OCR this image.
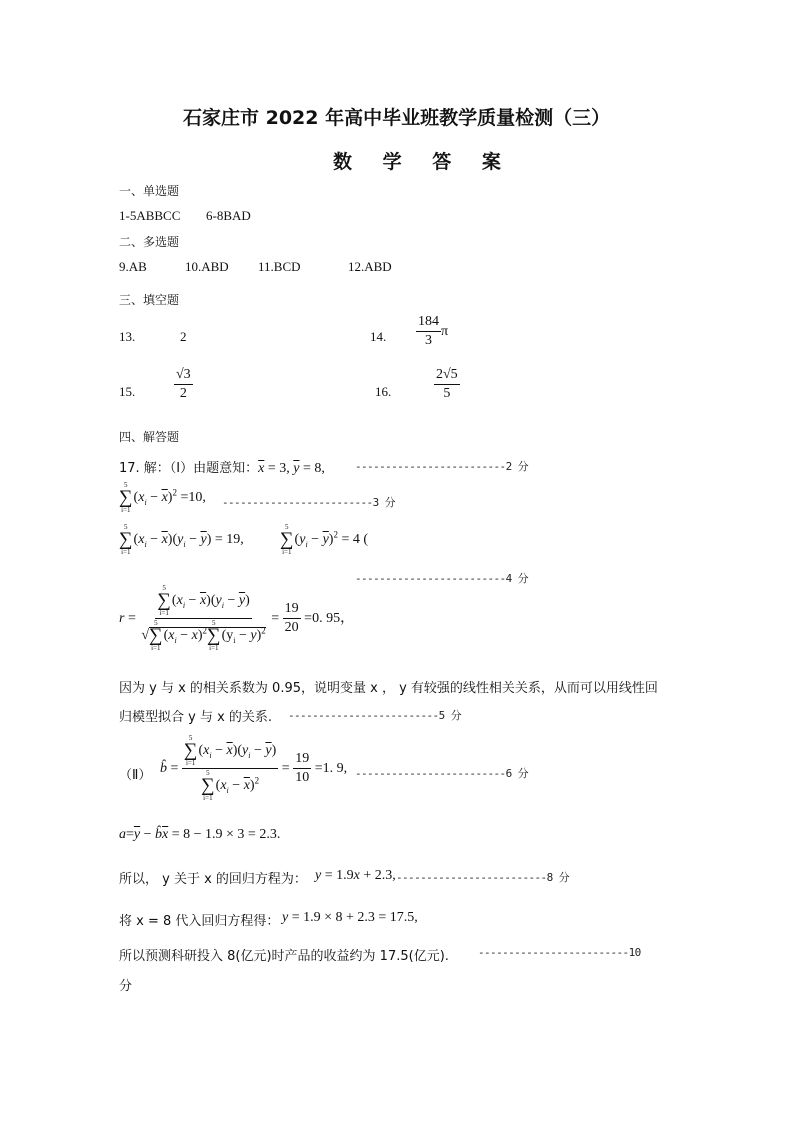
石家庄市 2022 年高中毕业班教学质量检测（三）
数 学 答 案
一、单选题
1-5ABBCC 6-8BAD
二、多选题
9.AB	10.ABD 11.BCD	12.ABD
三、填空题
13.	2	14. $\frac{184}{3}$ π
15.	$\frac{√3}{2}$	16.	$\frac{2√5}{5}$
四、解答题
17. 解：（Ⅰ）由题意知：$\overline{x} = 3$, $\overline{y} = 8$,	-------------------------2 分
5
∑
i=1
$(x_i - \overline{x})^2 =10$, -------------------------3 分
5
∑
i=1
$(x_i - \overline{x})(y_i - \overline{y}) = 19$,
5
∑
i=1
$(y_i - \overline{y})^2 = 4$ (
-------------------------4 分
r = 5
∑
i=1
$(x_i - \overline{x})(y_i - \overline{y})$
√
5
∑
i=1
$(x_i - \overline{x})^2$
5
∑
i=1
$(y_i - \overline{y})^2 = \frac{19}{20} =0$. 95，
因为 y 与 x 的相关系数为 0.95，说明变量 x ， y 有较强的线性相关关系，从而可以用线性回
归模型拟合 y 与 x 的关系. -------------------------5 分
（Ⅱ） b̂ = 5
∑
i=1
$(x_i - \overline{x})(y_i - \overline{y})$
5
∑
i=1
$(x_i - \overline{x})^2 = \frac{19}{10} =1$. 9, -------------------------6 分
$a=\overline{y}$ − $b̂\overline{x} = 8 - 1.9 \times 3 = 2.3$.
所以， y 关于 x 的回归方程为： y = 1.9x + 2.3, -------------------------8 分
将 x = 8 代入回归方程得： y = 1.9 × 8 + 2.3 = 17.5,
所以预测科研投入 8(亿元)时产品的收益约为 17.5(亿元).	-------------------------10
分
